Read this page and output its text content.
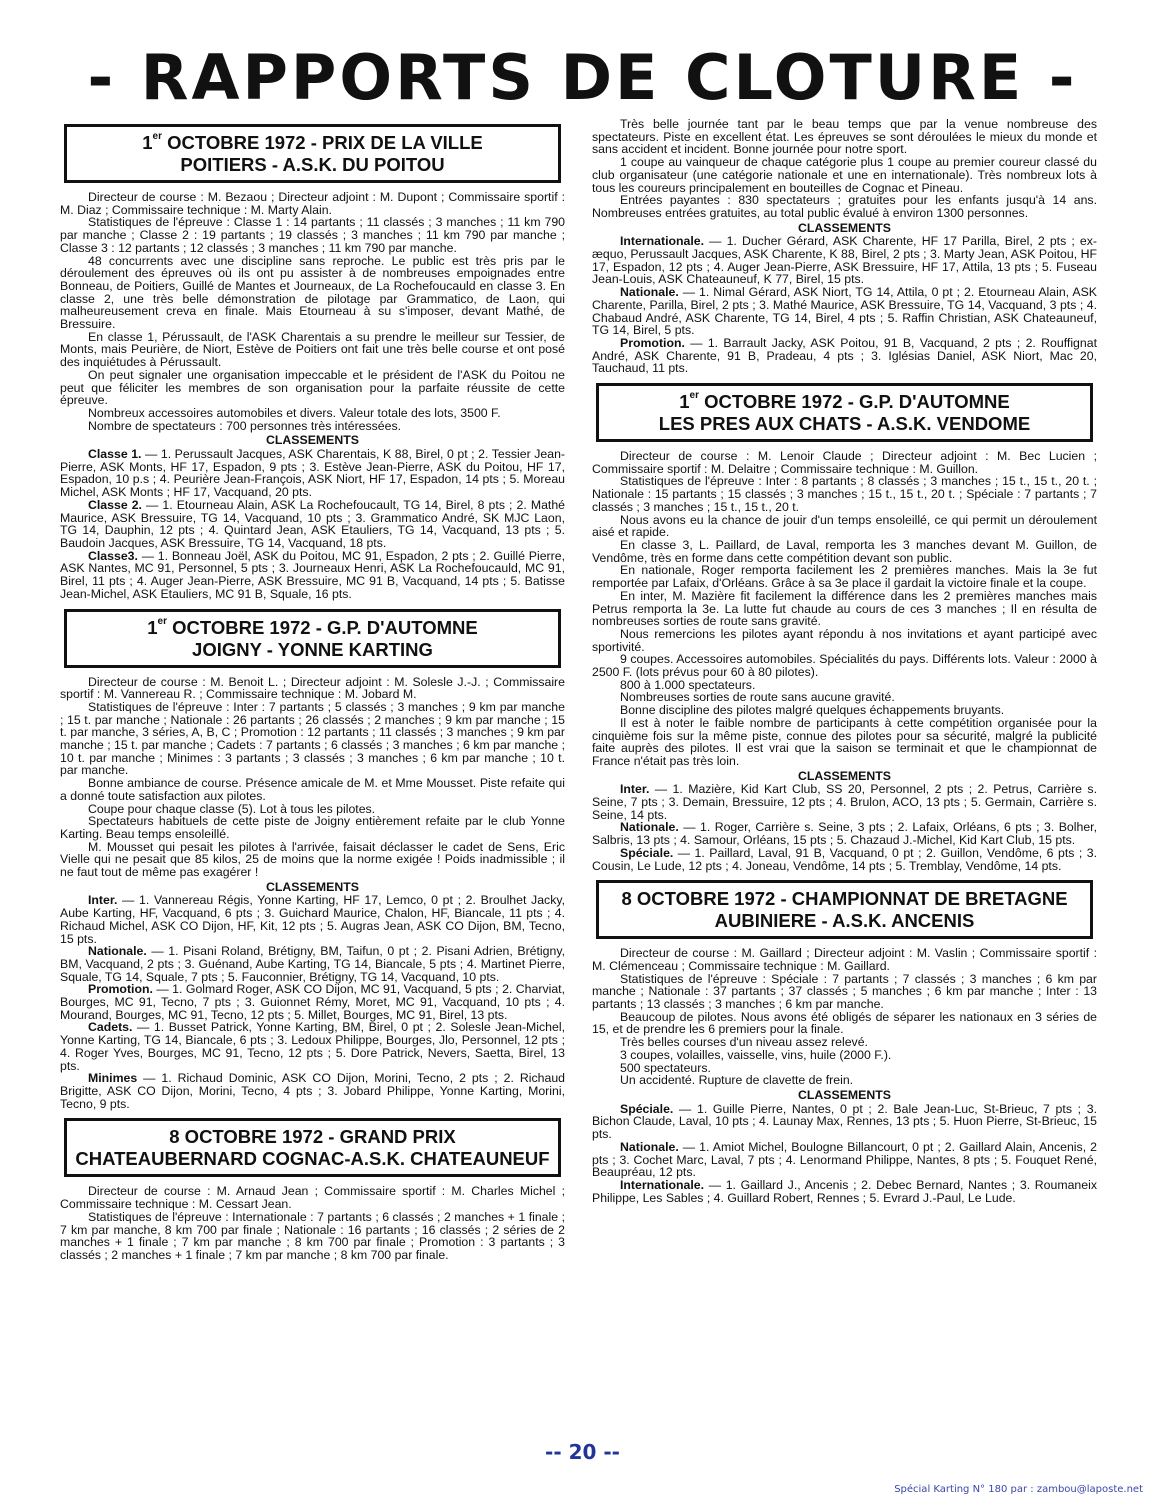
- RAPPORTS DE CLOTURE -
1er OCTOBRE 1972 - PRIX DE LA VILLE
POITIERS - A.S.K. DU POITOU

Directeur de course : M. Bezaou ; Directeur adjoint : M. Dupont ; Commissaire sportif : M. Diaz ; Commissaire technique : M. Marty Alain.

Statistiques de l'épreuve : Classe 1 : 14 partants ; 11 classés ; 3 manches ; 11 km 790 par manche ; Classe 2 : 19 partants ; 19 classés ; 3 manches ; 11 km 790 par manche ; Classe 3 : 12 partants ; 12 classés ; 3 manches ; 11 km 790 par manche.

48 concurrents avec une discipline sans reproche. Le public est très pris par le déroulement des épreuves où ils ont pu assister à de nombreuses empoignades entre Bonneau, de Poitiers, Guillé de Mantes et Journeaux, de La Rochefoucauld en classe 3. En classe 2, une très belle démonstration de pilotage par Grammatico, de Laon, qui malheureusement creva en finale. Mais Etourneau à su s'imposer, devant Mathé, de Bressuire.

En classe 1, Pérussault, de l'ASK Charentais a su prendre le meilleur sur Tessier, de Monts, mais Peurière, de Niort, Estève de Poitiers ont fait une très belle course et ont posé des inquiétudes à Pérussault.

On peut signaler une organisation impeccable et le président de l'ASK du Poitou ne peut que féliciter les membres de son organisation pour la parfaite réussite de cette épreuve.

Nombreux accessoires automobiles et divers. Valeur totale des lots, 3500 F.

Nombre de spectateurs : 700 personnes très intéressées.

CLASSEMENTS

Classe 1. — 1. Perussault Jacques, ASK Charentais, K 88, Birel, 0 pt ; 2. Tessier Jean-Pierre, ASK Monts, HF 17, Espadon, 9 pts ; 3. Estève Jean-Pierre, ASK du Poitou, HF 17, Espadon, 10 p.s ; 4. Peurière Jean-François, ASK Niort, HF 17, Espadon, 14 pts ; 5. Moreau Michel, ASK Monts ; HF 17, Vacquand, 20 pts.

Classe 2. — 1. Etourneau Alain, ASK La Rochefoucault, TG 14, Birel, 8 pts ; 2. Mathé Maurice, ASK Bressuire, TG 14, Vacquand, 10 pts ; 3. Grammatico André, SK MJC Laon, TG 14, Dauphin, 12 pts ; 4. Quintard Jean, ASK Etauliers, TG 14, Vacquand, 13 pts ; 5. Baudoin Jacques, ASK Bressuire, TG 14, Vacquand, 18 pts.

Classe3. — 1. Bonneau Joël, ASK du Poitou, MC 91, Espadon, 2 pts ; 2. Guillé Pierre, ASK Nantes, MC 91, Personnel, 5 pts ; 3. Journeaux Henri, ASK La Rochefoucauld, MC 91, Birel, 11 pts ; 4. Auger Jean-Pierre, ASK Bressuire, MC 91 B, Vacquand, 14 pts ; 5. Batisse Jean-Michel, ASK Etauliers, MC 91 B, Squale, 16 pts.

1er OCTOBRE 1972 - G.P. D'AUTOMNE
JOIGNY - YONNE KARTING

Directeur de course : M. Benoit L. ; Directeur adjoint : M. Solesle J.-J. ; Commissaire sportif : M. Vannereau R. ; Commissaire technique : M. Jobard M.

Statistiques de l'épreuve : Inter : 7 partants ; 5 classés ; 3 manches ; 9 km par manche ; 15 t. par manche ; Nationale : 26 partants ; 26 classés ; 2 manches ; 9 km par manche ; 15 t. par manche, 3 séries, A, B, C ; Promotion : 12 partants ; 11 classés ; 3 manches ; 9 km par manche ; 15 t. par manche ; Cadets : 7 partants ; 6 classés ; 3 manches ; 6 km par manche ; 10 t. par manche ; Minimes : 3 partants ; 3 classés ; 3 manches ; 6 km par manche ; 10 t. par manche.

Bonne ambiance de course. Présence amicale de M. et Mme Mousset. Piste refaite qui a donné toute satisfaction aux pilotes.

Coupe pour chaque classe (5). Lot à tous les pilotes.

Spectateurs habituels de cette piste de Joigny entièrement refaite par le club Yonne Karting. Beau temps ensoleillé.

M. Mousset qui pesait les pilotes à l'arrivée, faisait déclasser le cadet de Sens, Eric Vielle qui ne pesait que 85 kilos, 25 de moins que la norme exigée ! Poids inadmissible ; il ne faut tout de même pas exagérer !

CLASSEMENTS

Inter. — 1. Vannereau Régis, Yonne Karting, HF 17, Lemco, 0 pt ; 2. Broulhet Jacky, Aube Karting, HF, Vacquand, 6 pts ; 3. Guichard Maurice, Chalon, HF, Biancale, 11 pts ; 4. Richaud Michel, ASK CO Dijon, HF, Kit, 12 pts ; 5. Augras Jean, ASK CO Dijon, BM, Tecno, 15 pts.

Nationale. — 1. Pisani Roland, Brétigny, BM, Taifun, 0 pt ; 2. Pisani Adrien, Brétigny, BM, Vacquand, 2 pts ; 3. Guénand, Aube Karting, TG 14, Biancale, 5 pts ; 4. Martinet Pierre, Squale, TG 14, Squale, 7 pts ; 5. Fauconnier, Brétigny, TG 14, Vacquand, 10 pts.

Promotion. — 1. Golmard Roger, ASK CO Dijon, MC 91, Vacquand, 5 pts ; 2. Charviat, Bourges, MC 91, Tecno, 7 pts ; 3. Guionnet Rémy, Moret, MC 91, Vacquand, 10 pts ; 4. Mourand, Bourges, MC 91, Tecno, 12 pts ; 5. Millet, Bourges, MC 91, Birel, 13 pts.

Cadets. — 1. Busset Patrick, Yonne Karting, BM, Birel, 0 pt ; 2. Solesle Jean-Michel, Yonne Karting, TG 14, Biancale, 6 pts ; 3. Ledoux Philippe, Bourges, Jlo, Personnel, 12 pts ; 4. Roger Yves, Bourges, MC 91, Tecno, 12 pts ; 5. Dore Patrick, Nevers, Saetta, Birel, 13 pts.

Minimes — 1. Richaud Dominic, ASK CO Dijon, Morini, Tecno, 2 pts ; 2. Richaud Brigitte, ASK CO Dijon, Morini, Tecno, 4 pts ; 3. Jobard Philippe, Yonne Karting, Morini, Tecno, 9 pts.

8 OCTOBRE 1972 - GRAND PRIX
CHATEAUBERNARD COGNAC-A.S.K. CHATEAUNEUF

Directeur de course : M. Arnaud Jean ; Commissaire sportif : M. Charles Michel ; Commissaire technique : M. Cessart Jean.

Statistiques de l'épreuve : Internationale : 7 partants ; 6 classés ; 2 manches + 1 finale ; 7 km par manche, 8 km 700 par finale ; Nationale : 16 partants ; 16 classés ; 2 séries de 2 manches + 1 finale ; 7 km par manche ; 8 km 700 par finale ; Promotion : 3 partants ; 3 classés ; 2 manches + 1 finale ; 7 km par manche ; 8 km 700 par finale.

Très belle journée tant par le beau temps que par la venue nombreuse des spectateurs. Piste en excellent état. Les épreuves se sont déroulées le mieux du monde et sans accident et incident. Bonne journée pour notre sport.

1 coupe au vainqueur de chaque catégorie plus 1 coupe au premier coureur classé du club organisateur (une catégorie nationale et une en internationale). Très nombreux lots à tous les coureurs principalement en bouteilles de Cognac et Pineau.

Entrées payantes : 830 spectateurs ; gratuites pour les enfants jusqu'à 14 ans. Nombreuses entrées gratuites, au total public évalué à environ 1300 personnes.

CLASSEMENTS

Internationale. — 1. Ducher Gérard, ASK Charente, HF 17 Parilla, Birel, 2 pts ; ex-æquo, Perussault Jacques, ASK Charente, K 88, Birel, 2 pts ; 3. Marty Jean, ASK Poitou, HF 17, Espadon, 12 pts ; 4. Auger Jean-Pierre, ASK Bressuire, HF 17, Attila, 13 pts ; 5. Fuseau Jean-Louis, ASK Chateauneuf, K 77, Birel, 15 pts.

Nationale. — 1. Nimal Gérard, ASK Niort, TG 14, Attila, 0 pt ; 2. Etourneau Alain, ASK Charente, Parilla, Birel, 2 pts ; 3. Mathé Maurice, ASK Bressuire, TG 14, Vacquand, 3 pts ; 4. Chabaud André, ASK Charente, TG 14, Birel, 4 pts ; 5. Raffin Christian, ASK Chateauneuf, TG 14, Birel, 5 pts.

Promotion. — 1. Barrault Jacky, ASK Poitou, 91 B, Vacquand, 2 pts ; 2. Rouffignat André, ASK Charente, 91 B, Pradeau, 4 pts ; 3. Iglésias Daniel, ASK Niort, Mac 20, Tauchaud, 11 pts.

1er OCTOBRE 1972 - G.P. D'AUTOMNE
LES PRES AUX CHATS - A.S.K. VENDOME

Directeur de course : M. Lenoir Claude ; Directeur adjoint : M. Bec Lucien ; Commissaire sportif : M. Delaitre ; Commissaire technique : M. Guillon.

Statistiques de l'épreuve : Inter : 8 partants ; 8 classés ; 3 manches ; 15 t., 15 t., 20 t. ; Nationale : 15 partants ; 15 classés ; 3 manches ; 15 t., 15 t., 20 t. ; Spéciale : 7 partants ; 7 classés ; 3 manches ; 15 t., 15 t., 20 t.

Nous avons eu la chance de jouir d'un temps ensoleillé, ce qui permit un déroulement aisé et rapide.

En classe 3, L. Paillard, de Laval, remporta les 3 manches devant M. Guillon, de Vendôme, très en forme dans cette compétition devant son public.

En nationale, Roger remporta facilement les 2 premières manches. Mais la 3e fut remportée par Lafaix, d'Orléans. Grâce à sa 3e place il gardait la victoire finale et la coupe.

En inter, M. Mazière fit facilement la différence dans les 2 premières manches mais Petrus remporta la 3e. La lutte fut chaude au cours de ces 3 manches ; Il en résulta de nombreuses sorties de route sans gravité.

Nous remercions les pilotes ayant répondu à nos invitations et ayant participé avec sportivité.

9 coupes. Accessoires automobiles. Spécialités du pays. Différents lots. Valeur : 2000 à 2500 F. (lots prévus pour 60 à 80 pilotes).

800 à 1.000 spectateurs.

Nombreuses sorties de route sans aucune gravité.

Bonne discipline des pilotes malgré quelques échappements bruyants.

Il est à noter le faible nombre de participants à cette compétition organisée pour la cinquième fois sur la même piste, connue des pilotes pour sa sécurité, malgré la publicité faite auprès des pilotes. Il est vrai que la saison se terminait et que le championnat de France n'était pas très loin.

CLASSEMENTS

Inter. — 1. Mazière, Kid Kart Club, SS 20, Personnel, 2 pts ; 2. Petrus, Carrière s. Seine, 7 pts ; 3. Demain, Bressuire, 12 pts ; 4. Brulon, ACO, 13 pts ; 5. Germain, Carrière s. Seine, 14 pts.

Nationale. — 1. Roger, Carrière s. Seine, 3 pts ; 2. Lafaix, Orléans, 6 pts ; 3. Bolher, Salbris, 13 pts ; 4. Samour, Orléans, 15 pts ; 5. Chazaud J.-Michel, Kid Kart Club, 15 pts.

Spéciale. — 1. Paillard, Laval, 91 B, Vacquand, 0 pt ; 2. Guillon, Vendôme, 6 pts ; 3. Cousin, Le Lude, 12 pts ; 4. Joneau, Vendôme, 14 pts ; 5. Tremblay, Vendôme, 14 pts.

8 OCTOBRE 1972 - CHAMPIONNAT DE BRETAGNE
AUBINIERE - A.S.K. ANCENIS

Directeur de course : M. Gaillard ; Directeur adjoint : M. Vaslin ; Commissaire sportif : M. Clémenceau ; Commissaire technique : M. Gaillard.

Statistiques de l'épreuve : Spéciale : 7 partants ; 7 classés ; 3 manches ; 6 km par manche ; Nationale : 37 partants ; 37 classés ; 5 manches ; 6 km par manche ; Inter : 13 partants ; 13 classés ; 3 manches ; 6 km par manche.

Beaucoup de pilotes. Nous avons été obligés de séparer les nationaux en 3 séries de 15, et de prendre les 6 premiers pour la finale.

Très belles courses d'un niveau assez relevé.

3 coupes, volailles, vaisselle, vins, huile (2000 F.).

500 spectateurs.

Un accidenté. Rupture de clavette de frein.

CLASSEMENTS

Spéciale. — 1. Guille Pierre, Nantes, 0 pt ; 2. Bale Jean-Luc, St-Brieuc, 7 pts ; 3. Bichon Claude, Laval, 10 pts ; 4. Launay Max, Rennes, 13 pts ; 5. Huon Pierre, St-Brieuc, 15 pts.

Nationale. — 1. Amiot Michel, Boulogne Billancourt, 0 pt ; 2. Gaillard Alain, Ancenis, 2 pts ; 3. Cochet Marc, Laval, 7 pts ; 4. Lenormand Philippe, Nantes, 8 pts ; 5. Fouquet René, Beaupréau, 12 pts.

Internationale. — 1. Gaillard J., Ancenis ; 2. Debec Bernard, Nantes ; 3. Roumaneix Philippe, Les Sables ; 4. Guillard Robert, Rennes ; 5. Evrard J.-Paul, Le Lude.

-- 20 --
Spécial Karting N° 180 par : zambou@laposte.net
